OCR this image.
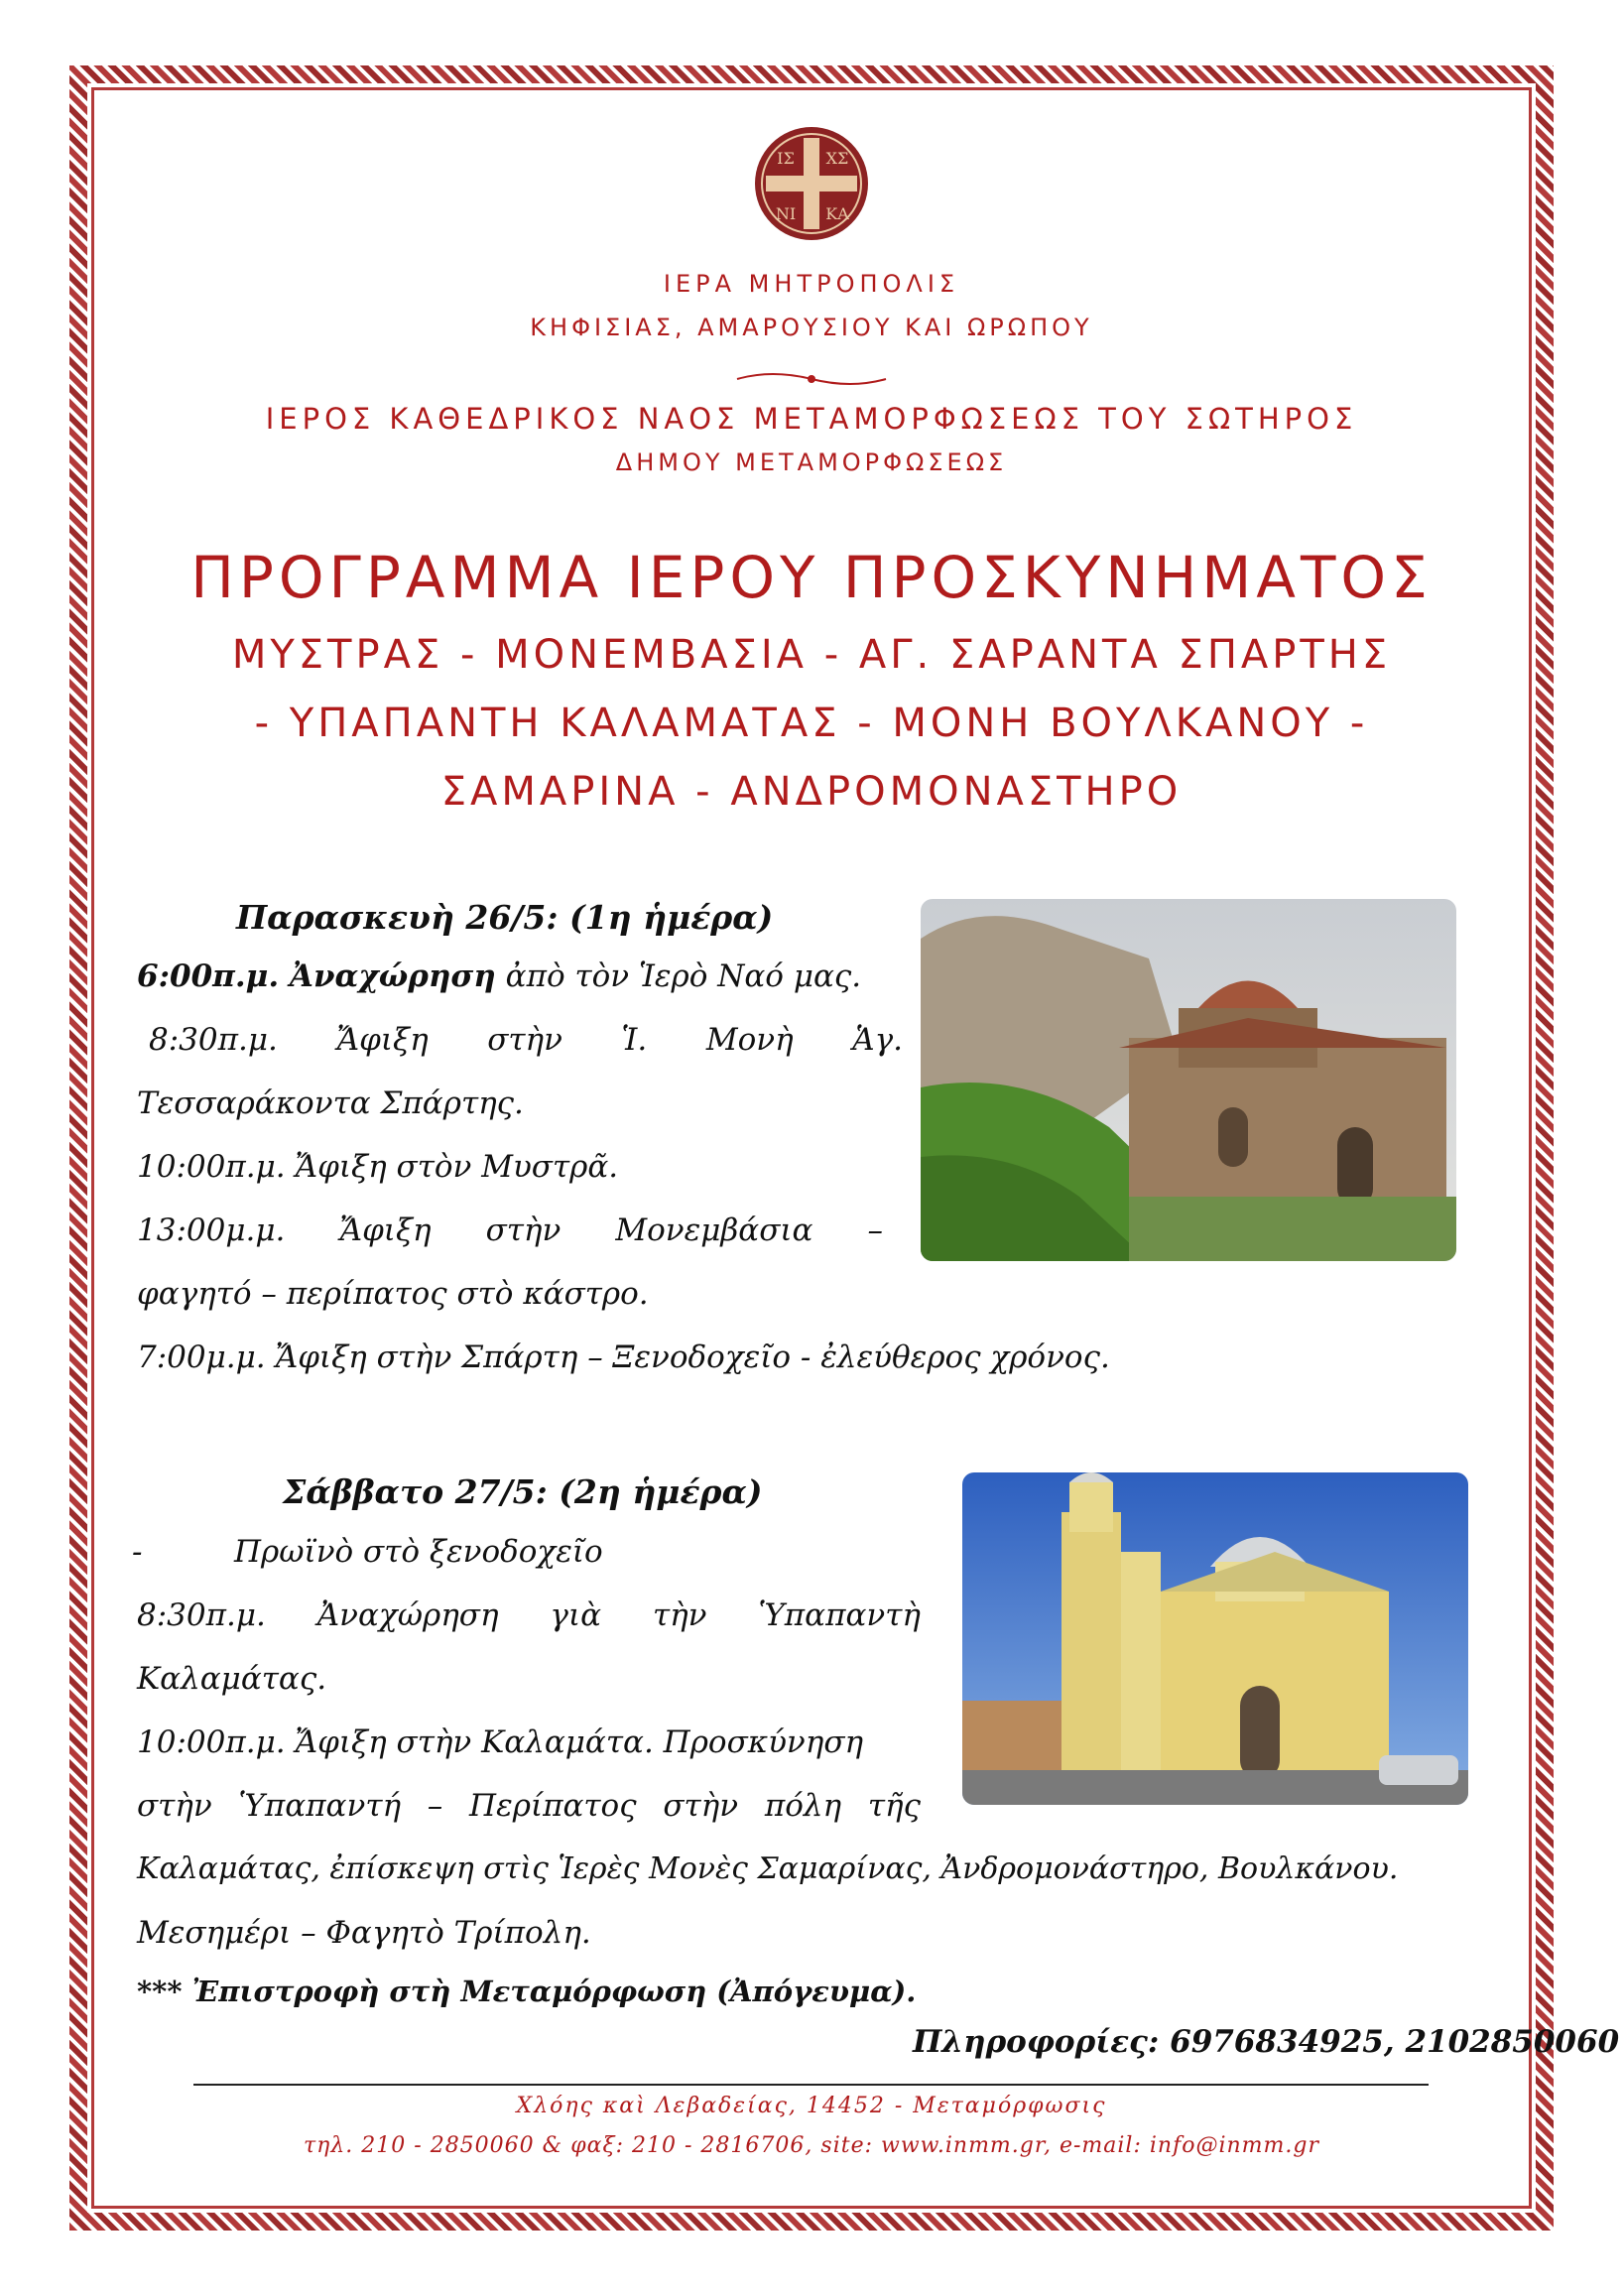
ΙΣ ΧΣ
ΝΙ ΚΑ
ΙΕΡΑ ΜΗΤΡΟΠΟΛΙΣ
ΚΗΦΙΣΙΑΣ, ΑΜΑΡΟΥΣΙΟΥ ΚΑΙ ΩΡΩΠΟΥ
ΙΕΡΟΣ ΚΑΘΕΔΡΙΚΟΣ ΝΑΟΣ ΜΕΤΑΜΟΡΦΩΣΕΩΣ ΤΟΥ ΣΩΤΗΡΟΣ
ΔΗΜΟΥ ΜΕΤΑΜΟΡΦΩΣΕΩΣ
ΠΡΟΓΡΑΜΜΑ ΙΕΡΟΥ ΠΡΟΣΚΥΝΗΜΑΤΟΣ
ΜΥΣΤΡΑΣ - ΜΟΝΕΜΒΑΣΙΑ - ΑΓ. ΣΑΡΑΝΤΑ ΣΠΑΡΤΗΣ
- ΥΠΑΠΑΝΤΗ ΚΑΛΑΜΑΤΑΣ - ΜΟΝΗ ΒΟΥΛΚΑΝΟΥ -
ΣΑΜΑΡΙΝΑ - ΑΝΔΡΟΜΟΝΑΣΤΗΡΟ
Παρασκευὴ 26/5: (1η ἡμέρα)
6:00π.μ. Ἀναχώρηση ἀπὸ τὸν Ἱερὸ Ναό μας.
8:30π.μ. Ἄφιξη στὴν Ἱ. Μονὴ Ἁγ.
Τεσσαράκοντα Σπάρτης.
10:00π.μ. Ἄφιξη στὸν Μυστρᾶ.
13:00μ.μ. Ἄφιξη στὴν Μονεμβάσια –
φαγητό – περίπατος στὸ κάστρο.
7:00μ.μ. Ἄφιξη στὴν Σπάρτη – Ξενοδοχεῖο - ἐλεύθερος χρόνος.
Σάββατο 27/5: (2η ἡμέρα)
-	Πρωϊνὸ στὸ ξενοδοχεῖο
8:30π.μ. Ἀναχώρηση γιὰ τὴν Ὑπαπαντὴ
Καλαμάτας.
10:00π.μ. Ἄφιξη στὴν Καλαμάτα. Προσκύνηση
στὴν Ὑπαπαντή – Περίπατος στὴν πόλη τῆς
Καλαμάτας, ἐπίσκεψη στὶς Ἱερὲς Μονὲς Σαμαρίνας, Ἀνδρομονάστηρο, Βουλκάνου.
Μεσημέρι – Φαγητὸ Τρίπολη.
*** Ἐπιστροφὴ στὴ Μεταμόρφωση (Ἀπόγευμα).
Πληροφορίες: 6976834925, 2102850060
Χλόης καὶ Λεβαδείας, 14452 - Μεταμόρφωσις
τηλ. 210 - 2850060 & φαξ: 210 - 2816706, site: www.inmm.gr, e-mail: info@inmm.gr
